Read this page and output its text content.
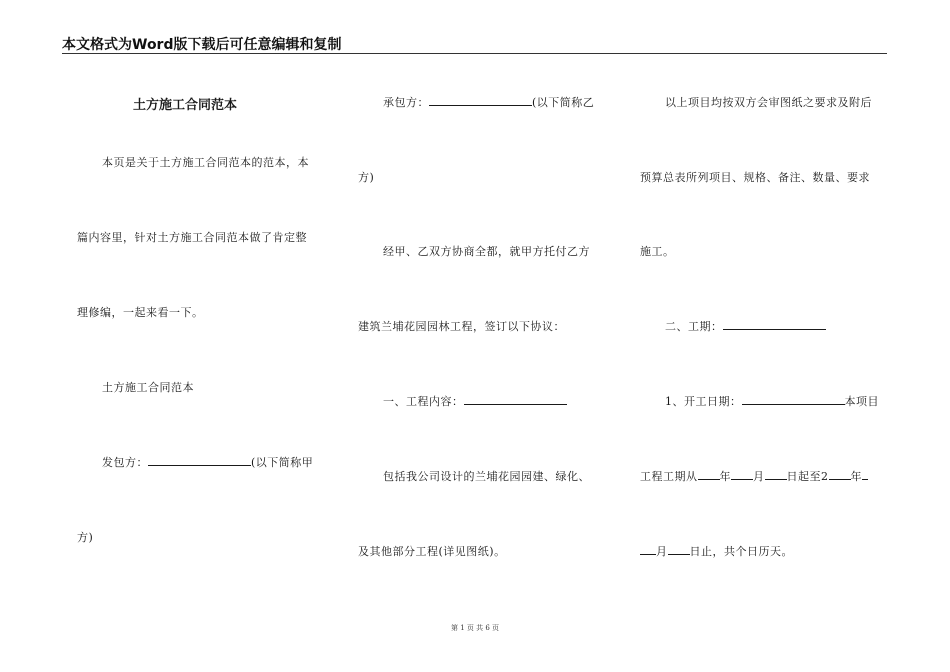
本文格式为Word版下载后可任意编辑和复制
土方施工合同范本
本页是关于土方施工合同范本的范本，本
篇内容里，针对土方施工合同范本做了肯定整
理修编，一起来看一下。
土方施工合同范本
发包方：	(以下简称甲
方)
承包方：	(以下简称乙
方)
经甲、乙双方协商全都，就甲方托付乙方
建筑兰埔花园园林工程，签订以下协议：
一、工程内容：
包括我公司设计的兰埔花园园建、绿化、
及其他部分工程(详见图纸)。
以上项目均按双方会审图纸之要求及附后
预算总表所列项目、规格、备注、数量、要求
施工。
二、工期：
1、开工日期：	本项目
工程工期从 年 月 日起至2 年
月 日止，共个日历天。
第 1 页 共 6 页
